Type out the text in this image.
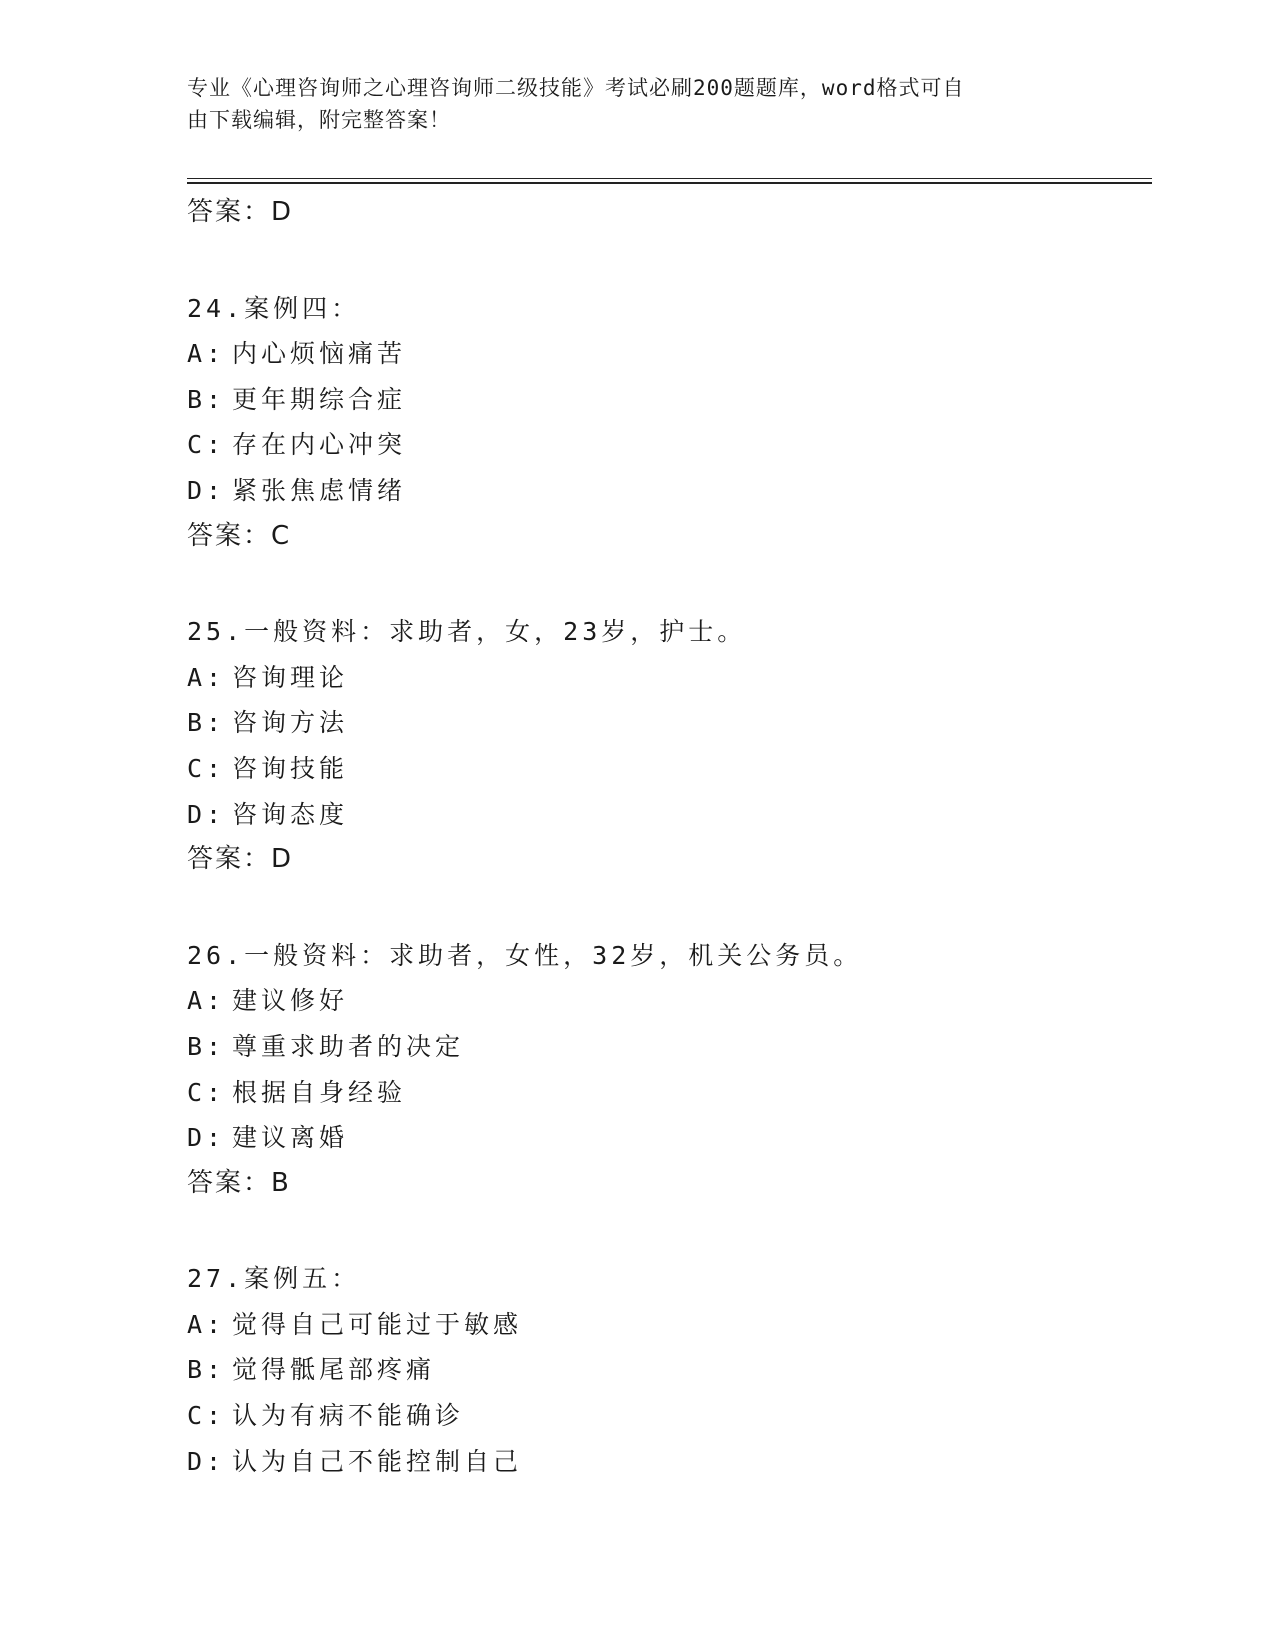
专业《心理咨询师之心理咨询师二级技能》考试必刷200题题库，word格式可自
由下载编辑，附完整答案！
答案：D
24.案例四：
A: 内心烦恼痛苦
B: 更年期综合症
C: 存在内心冲突
D: 紧张焦虑情绪
答案：C
25.一般资料：求助者，女，23岁，护士。
A: 咨询理论
B: 咨询方法
C: 咨询技能
D: 咨询态度
答案：D
26.一般资料：求助者，女性，32岁，机关公务员。
A: 建议修好
B: 尊重求助者的决定
C: 根据自身经验
D: 建议离婚
答案：B
27.案例五：
A: 觉得自己可能过于敏感
B: 觉得骶尾部疼痛
C: 认为有病不能确诊
D: 认为自己不能控制自己
